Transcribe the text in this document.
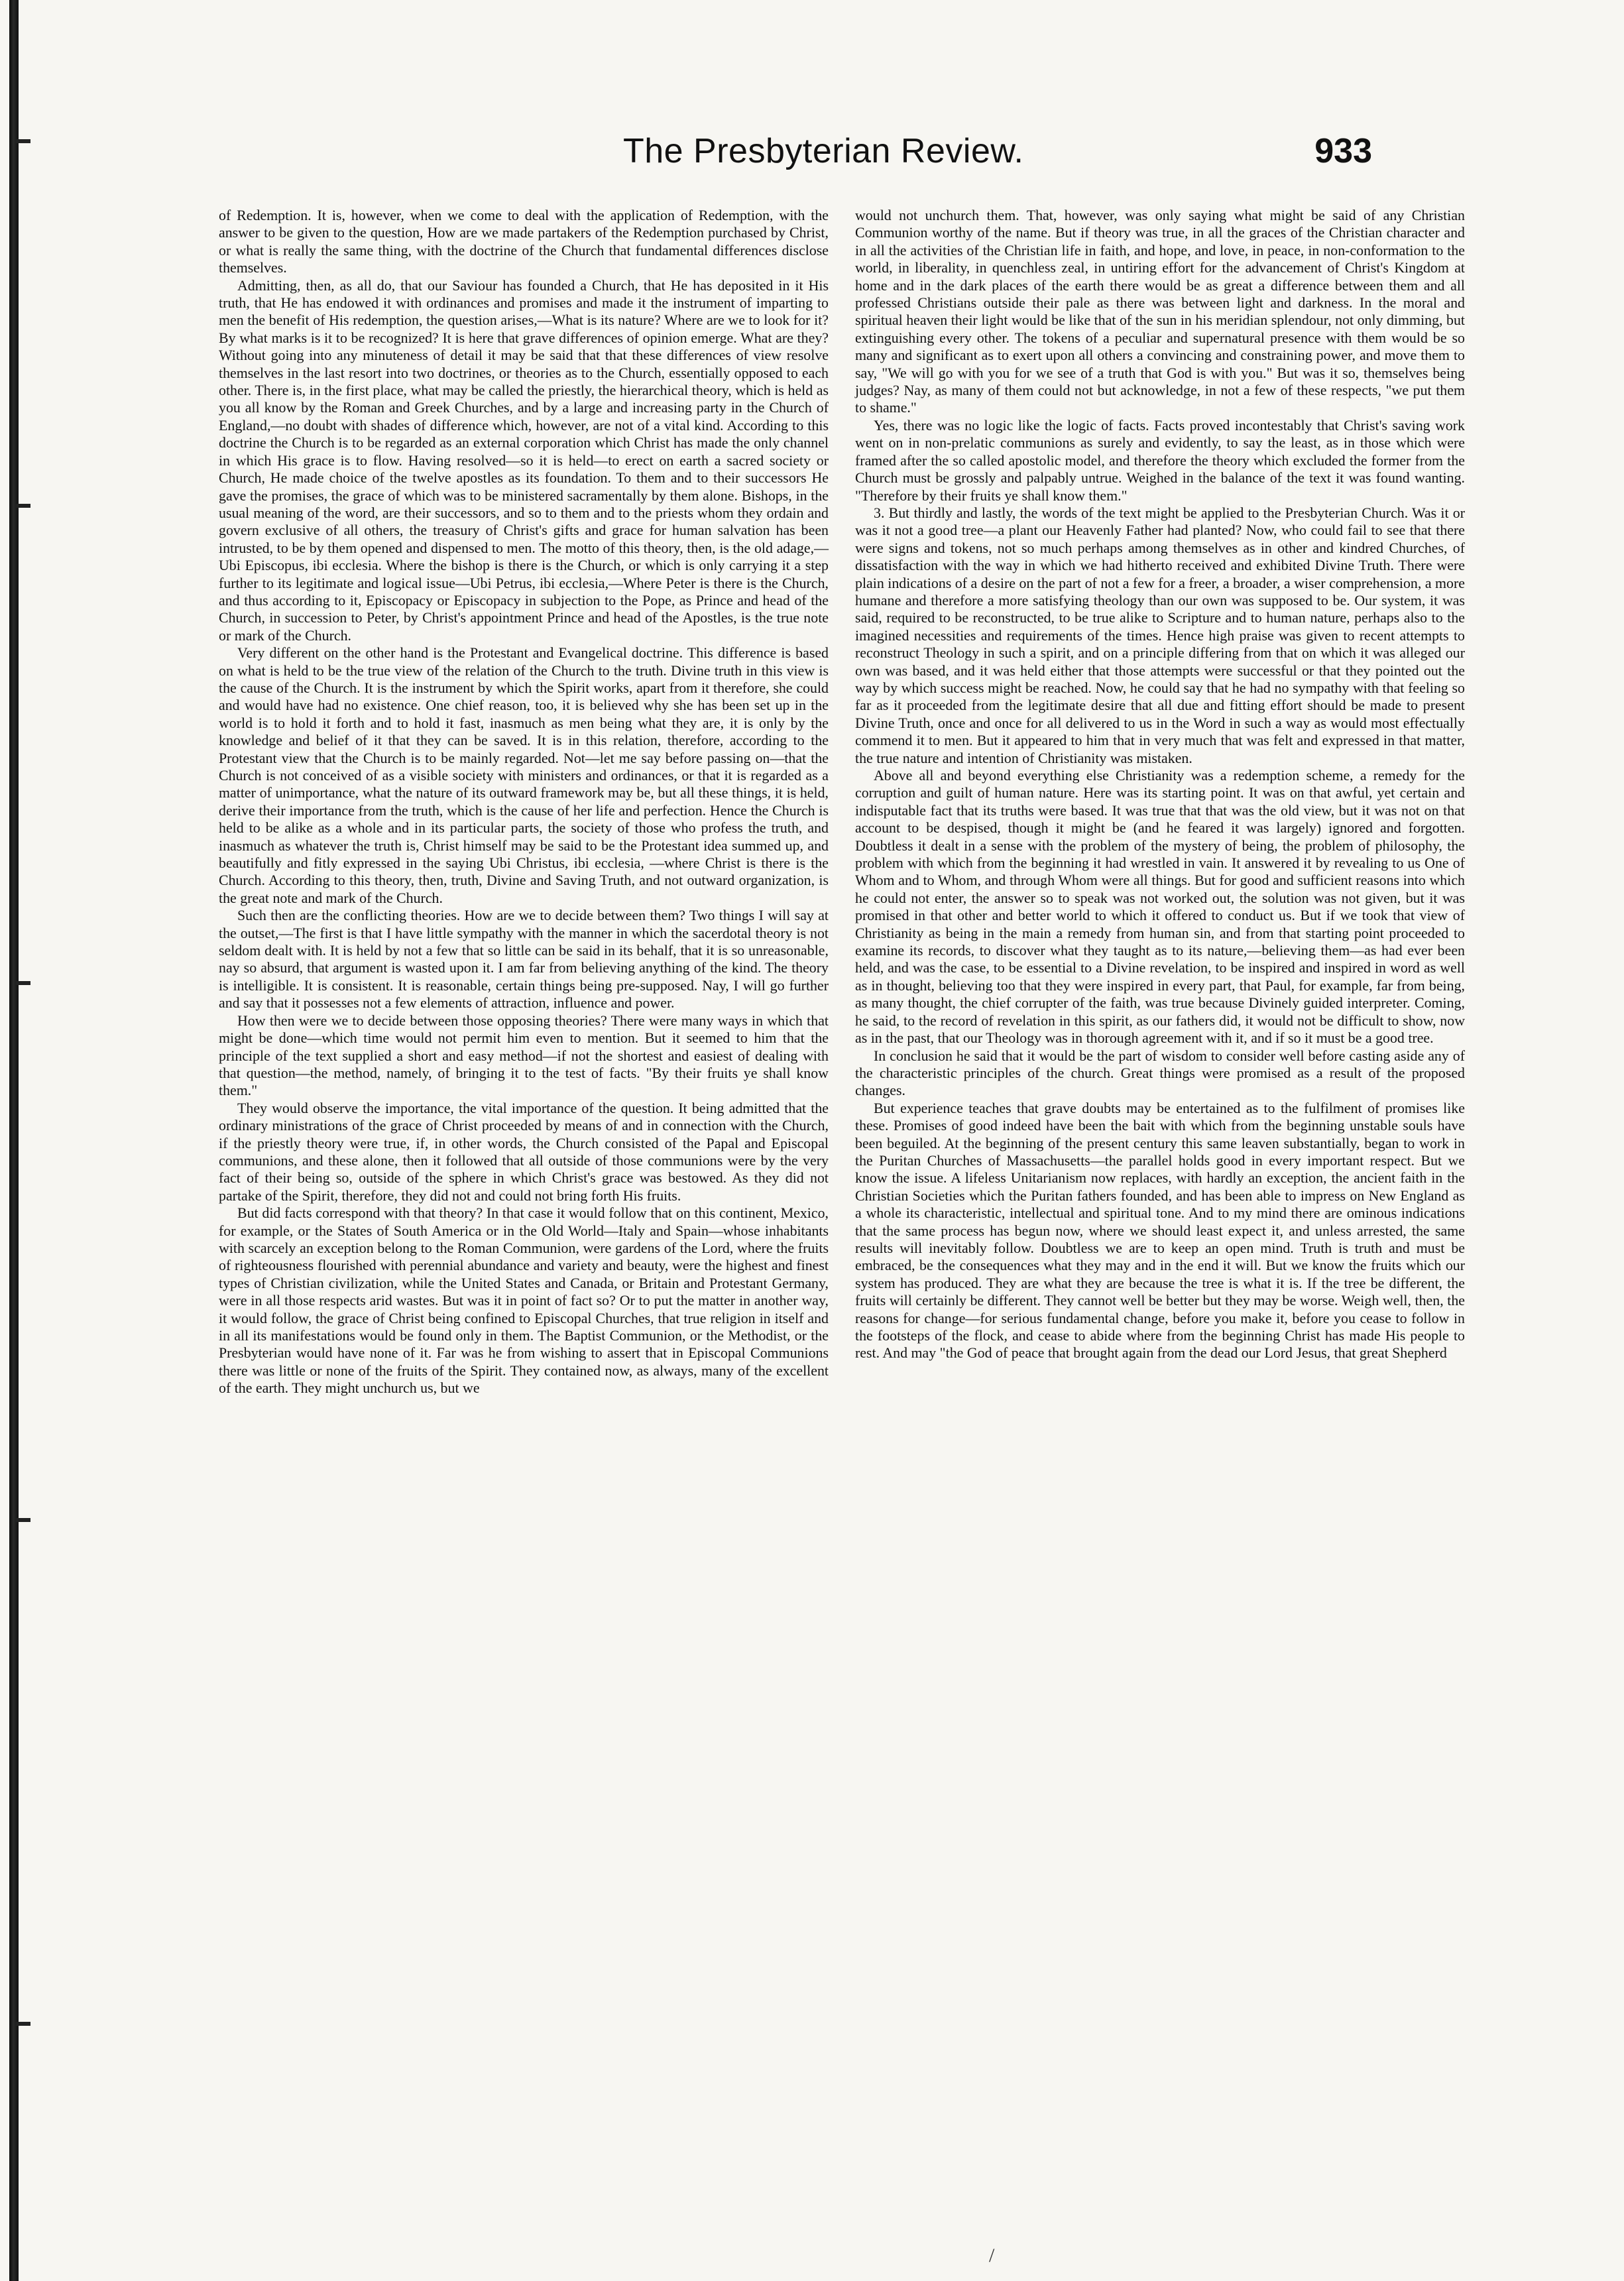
The Presbyterian Review.	933

of Redemption. It is, however, when we come to deal with the application of Redemption, with the answer to be given to the question, How are we made partakers of the Redemption purchased by Christ, or what is really the same thing, with the doctrine of the Church that fundamental differences disclose themselves.

Admitting, then, as all do, that our Saviour has founded a Church, that He has deposited in it His truth, that He has endowed it with ordinances and promises and made it the instrument of imparting to men the benefit of His redemption, the question arises,—What is its nature? Where are we to look for it? By what marks is it to be recognized? It is here that grave differences of opinion emerge. What are they? Without going into any minuteness of detail it may be said that that these differences of view resolve themselves in the last resort into two doctrines, or theories as to the Church, essentially opposed to each other. There is, in the first place, what may be called the priestly, the hierarchical theory, which is held as you all know by the Roman and Greek Churches, and by a large and increasing party in the Church of England,—no doubt with shades of difference which, however, are not of a vital kind. According to this doctrine the Church is to be regarded as an external corporation which Christ has made the only channel in which His grace is to flow. Having resolved—so it is held—to erect on earth a sacred society or Church, He made choice of the twelve apostles as its foundation. To them and to their successors He gave the promises, the grace of which was to be ministered sacramentally by them alone. Bishops, in the usual meaning of the word, are their successors, and so to them and to the priests whom they ordain and govern exclusive of all others, the treasury of Christ's gifts and grace for human salvation has been intrusted, to be by them opened and dispensed to men. The motto of this theory, then, is the old adage,—Ubi Episcopus, ibi ecclesia. Where the bishop is there is the Church, or which is only carrying it a step further to its legitimate and logical issue—Ubi Petrus, ibi ecclesia,—Where Peter is there is the Church, and thus according to it, Episcopacy or Episcopacy in subjection to the Pope, as Prince and head of the Church, in succession to Peter, by Christ's appointment Prince and head of the Apostles, is the true note or mark of the Church.

Very different on the other hand is the Protestant and Evangelical doctrine. This difference is based on what is held to be the true view of the relation of the Church to the truth. Divine truth in this view is the cause of the Church. It is the instrument by which the Spirit works, apart from it therefore, she could and would have had no existence. One chief reason, too, it is believed why she has been set up in the world is to hold it forth and to hold it fast, inasmuch as men being what they are, it is only by the knowledge and belief of it that they can be saved. It is in this relation, therefore, according to the Protestant view that the Church is to be mainly regarded. Not—let me say before passing on—that the Church is not conceived of as a visible society with ministers and ordinances, or that it is regarded as a matter of unimportance, what the nature of its outward framework may be, but all these things, it is held, derive their importance from the truth, which is the cause of her life and perfection. Hence the Church is held to be alike as a whole and in its particular parts, the society of those who profess the truth, and inasmuch as whatever the truth is, Christ himself may be said to be the Protestant idea summed up, and beautifully and fitly expressed in the saying Ubi Christus, ibi ecclesia, —where Christ is there is the Church. According to this theory, then, truth, Divine and Saving Truth, and not outward organization, is the great note and mark of the Church.

Such then are the conflicting theories. How are we to decide between them? Two things I will say at the outset,—The first is that I have little sympathy with the manner in which the sacerdotal theory is not seldom dealt with. It is held by not a few that so little can be said in its behalf, that it is so unreasonable, nay so absurd, that argument is wasted upon it. I am far from believing anything of the kind. The theory is intelligible. It is consistent. It is reasonable, certain things being pre-supposed. Nay, I will go further and say that it possesses not a few elements of attraction, influence and power.

How then were we to decide between those opposing theories? There were many ways in which that might be done—which time would not permit him even to mention. But it seemed to him that the principle of the text supplied a short and easy method—if not the shortest and easiest of dealing with that question—the method, namely, of bringing it to the test of facts. "By their fruits ye shall know them."

They would observe the importance, the vital importance of the question. It being admitted that the ordinary ministrations of the grace of Christ proceeded by means of and in connection with the Church, if the priestly theory were true, if, in other words, the Church consisted of the Papal and Episcopal communions, and these alone, then it followed that all outside of those communions were by the very fact of their being so, outside of the sphere in which Christ's grace was bestowed. As they did not partake of the Spirit, therefore, they did not and could not bring forth His fruits.

But did facts correspond with that theory? In that case it would follow that on this continent, Mexico, for example, or the States of South America or in the Old World—Italy and Spain—whose inhabitants with scarcely an exception belong to the Roman Communion, were gardens of the Lord, where the fruits of righteousness flourished with perennial abundance and variety and beauty, were the highest and finest types of Christian civilization, while the United States and Canada, or Britain and Protestant Germany, were in all those respects arid wastes. But was it in point of fact so? Or to put the matter in another way, it would follow, the grace of Christ being confined to Episcopal Churches, that true religion in itself and in all its manifestations would be found only in them. The Baptist Communion, or the Methodist, or the Presbyterian would have none of it. Far was he from wishing to assert that in Episcopal Communions there was little or none of the fruits of the Spirit. They contained now, as always, many of the excellent of the earth. They might unchurch us, but we

would not unchurch them. That, however, was only saying what might be said of any Christian Communion worthy of the name. But if theory was true, in all the graces of the Christian character and in all the activities of the Christian life in faith, and hope, and love, in peace, in non-conformation to the world, in liberality, in quenchless zeal, in untiring effort for the advancement of Christ's Kingdom at home and in the dark places of the earth there would be as great a difference between them and all professed Christians outside their pale as there was between light and darkness. In the moral and spiritual heaven their light would be like that of the sun in his meridian splendour, not only dimming, but extinguishing every other. The tokens of a peculiar and supernatural presence with them would be so many and significant as to exert upon all others a convincing and constraining power, and move them to say, "We will go with you for we see of a truth that God is with you." But was it so, themselves being judges? Nay, as many of them could not but acknowledge, in not a few of these respects, "we put them to shame."

Yes, there was no logic like the logic of facts. Facts proved incontestably that Christ's saving work went on in non-prelatic communions as surely and evidently, to say the least, as in those which were framed after the so called apostolic model, and therefore the theory which excluded the former from the Church must be grossly and palpably untrue. Weighed in the balance of the text it was found wanting. "Therefore by their fruits ye shall know them."

3. But thirdly and lastly, the words of the text might be applied to the Presbyterian Church. Was it or was it not a good tree—a plant our Heavenly Father had planted? Now, who could fail to see that there were signs and tokens, not so much perhaps among themselves as in other and kindred Churches, of dissatisfaction with the way in which we had hitherto received and exhibited Divine Truth. There were plain indications of a desire on the part of not a few for a freer, a broader, a wiser comprehension, a more humane and therefore a more satisfying theology than our own was supposed to be. Our system, it was said, required to be reconstructed, to be true alike to Scripture and to human nature, perhaps also to the imagined necessities and requirements of the times. Hence high praise was given to recent attempts to reconstruct Theology in such a spirit, and on a principle differing from that on which it was alleged our own was based, and it was held either that those attempts were successful or that they pointed out the way by which success might be reached. Now, he could say that he had no sympathy with that feeling so far as it proceeded from the legitimate desire that all due and fitting effort should be made to present Divine Truth, once and once for all delivered to us in the Word in such a way as would most effectually commend it to men. But it appeared to him that in very much that was felt and expressed in that matter, the true nature and intention of Christianity was mistaken.

Above all and beyond everything else Christianity was a redemption scheme, a remedy for the corruption and guilt of human nature. Here was its starting point. It was on that awful, yet certain and indisputable fact that its truths were based. It was true that that was the old view, but it was not on that account to be despised, though it might be (and he feared it was largely) ignored and forgotten. Doubtless it dealt in a sense with the problem of the mystery of being, the problem of philosophy, the problem with which from the beginning it had wrestled in vain. It answered it by revealing to us One of Whom and to Whom, and through Whom were all things. But for good and sufficient reasons into which he could not enter, the answer so to speak was not worked out, the solution was not given, but it was promised in that other and better world to which it offered to conduct us. But if we took that view of Christianity as being in the main a remedy from human sin, and from that starting point proceeded to examine its records, to discover what they taught as to its nature,—believing them—as had ever been held, and was the case, to be essential to a Divine revelation, to be inspired and inspired in word as well as in thought, believing too that they were inspired in every part, that Paul, for example, far from being, as many thought, the chief corrupter of the faith, was true because Divinely guided interpreter. Coming, he said, to the record of revelation in this spirit, as our fathers did, it would not be difficult to show, now as in the past, that our Theology was in thorough agreement with it, and if so it must be a good tree.

In conclusion he said that it would be the part of wisdom to consider well before casting aside any of the characteristic principles of the church. Great things were promised as a result of the proposed changes.

But experience teaches that grave doubts may be entertained as to the fulfilment of promises like these. Promises of good indeed have been the bait with which from the beginning unstable souls have been beguiled. At the beginning of the present century this same leaven substantially, began to work in the Puritan Churches of Massachusetts—the parallel holds good in every important respect. But we know the issue. A lifeless Unitarianism now replaces, with hardly an exception, the ancient faith in the Christian Societies which the Puritan fathers founded, and has been able to impress on New England as a whole its characteristic, intellectual and spiritual tone. And to my mind there are ominous indications that the same process has begun now, where we should least expect it, and unless arrested, the same results will inevitably follow. Doubtless we are to keep an open mind. Truth is truth and must be embraced, be the consequences what they may and in the end it will. But we know the fruits which our system has produced. They are what they are because the tree is what it is. If the tree be different, the fruits will certainly be different. They cannot well be better but they may be worse. Weigh well, then, the reasons for change—for serious fundamental change, before you make it, before you cease to follow in the footsteps of the flock, and cease to abide where from the beginning Christ has made His people to rest. And may "the God of peace that brought again from the dead our Lord Jesus, that great Shepherd

/
